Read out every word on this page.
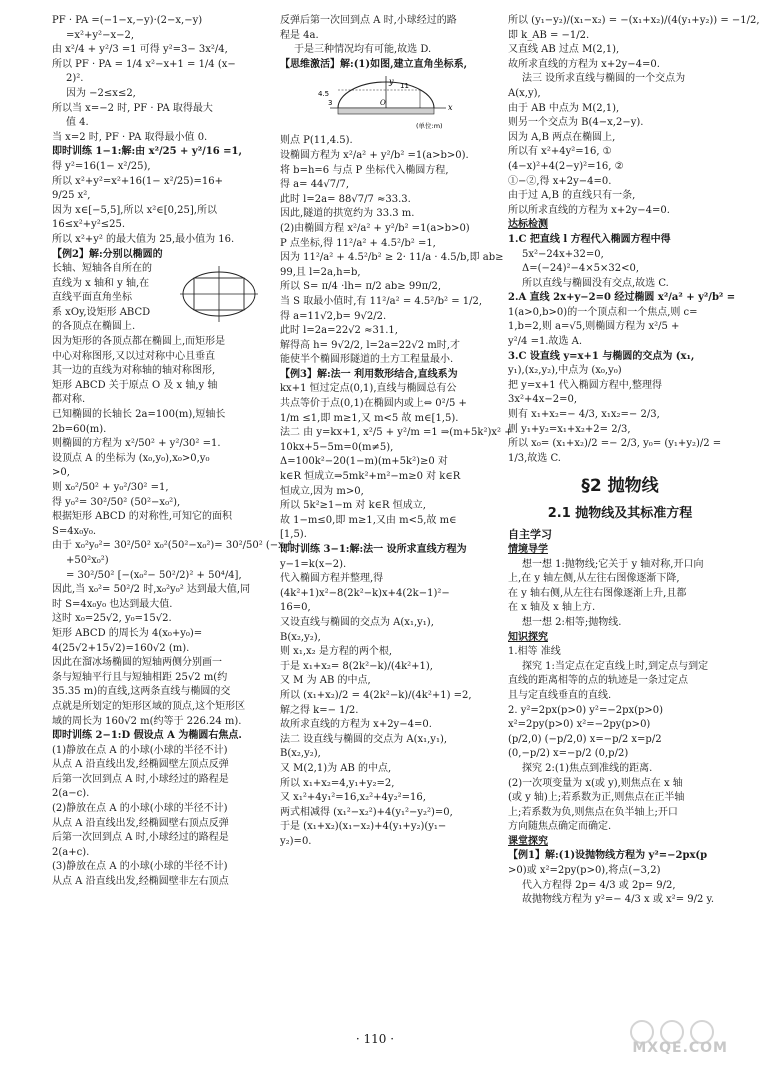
PF · PA =(−1−x,−y)·(2−x,−y)
=x²+y²−x−2,
由 x²/4 + y²/3 =1 可得 y²=3− 3x²/4,
所以 PF · PA = 1/4 x²−x+1 = 1/4 (x−
2)².
因为 −2≤x≤2,
所以当 x=−2 时, PF · PA 取得最大
值 4.
当 x=2 时, PF · PA 取得最小值 0.
即时训练 1−1:解:由 x²/25 + y²/16 =1,
得 y²=16(1− x²/25),
所以 x²+y²=x²+16(1− x²/25)=16+
9/25 x²,
因为 x∈[−5,5],所以 x²∈[0,25],所以
16≤x²+y²≤25.
所以 x²+y² 的最大值为 25,最小值为 16.
【例2】解:分别以椭圆的
长轴、短轴各自所在的
直线为 x 轴和 y 轴,在
直线平面直角坐标
系 xOy,设矩形 ABCD
的各顶点在椭圆上.
因为矩形的各顶点都在椭圆上,而矩形是
中心对称图形,又以过对称中心且垂直
其一边的直线为对称轴的轴对称图形,
矩形 ABCD 关于原点 O 及 x 轴,y 轴
都对称.
已知椭圆的长轴长 2a=100(m),短轴长
2b=60(m).
则椭圆的方程为 x²/50² + y²/30² =1.
设顶点 A 的坐标为 (x₀,y₀),x₀>0,y₀
>0,
则 x₀²/50² + y₀²/30² =1,
得 y₀²= 30²/50² (50²−x₀²),
根据矩形 ABCD 的对称性,可知它的面积
S=4x₀y₀.
由于 x₀²y₀²= 30²/50² x₀²(50²−x₀²)= 30²/50² (−x₀⁴
+50²x₀²)
= 30²/50² [−(x₀²− 50²/2)² + 50⁴/4],
因此,当 x₀²= 50²/2 时,x₀²y₀² 达到最大值,同
时 S=4x₀y₀ 也达到最大值.
这时 x₀=25√2, y₀=15√2.
矩形 ABCD 的周长为 4(x₀+y₀)=
4(25√2+15√2)=160√2 (m).
因此在溜冰场椭圆的短轴两侧分别画一
条与短轴平行且与短轴相距 25√2 m(约
35.35 m)的直线,这两条直线与椭圆的交
点就是所划定的矩形区域的顶点,这个矩形区
域的周长为 160√2 m(约等于 226.24 m).
即时训练 2−1:D 假设点 A 为椭圆右焦点.
(1)静放在点 A 的小球(小球的半径不计)
从点 A 沿直线出发,经椭圆壁左顶点反弹
后第一次回到点 A 时,小球经过的路程是
2(a−c).
(2)静放在点 A 的小球(小球的半径不计)
从点 A 沿直线出发,经椭圆壁右顶点反弹
后第一次回到点 A 时,小球经过的路程是
2(a+c).
(3)静放在点 A 的小球(小球的半径不计)
从点 A 沿直线出发,经椭圆壁非左右顶点
反弹后第一次回到点 A 时,小球经过的路
程是 4a.
于是三种情况均有可能,故选 D.
【思维激活】解:(1)如图,建立直角坐标系,
y
x
O
4.5
3
11
(单位:m)
则点 P(11,4.5).
设椭圆方程为 x²/a² + y²/b² =1(a>b>0).
将 b=h=6 与点 P 坐标代入椭圆方程,
得 a= 44√7/7,
此时 l=2a= 88√7/7 ≈33.3.
因此,隧道的拱宽约为 33.3 m.
(2)由椭圆方程 x²/a² + y²/b² =1(a>b>0)
P 点坐标,得 11²/a² + 4.5²/b² =1,
因为 11²/a² + 4.5²/b² ≥ 2· 11/a · 4.5/b,即 ab≥
99,且 l=2a,h=b,
所以 S= π/4 ·lh= π/2 ab≥ 99π/2,
当 S 取最小值时,有 11²/a² = 4.5²/b² = 1/2,
得 a=11√2,b= 9√2/2.
此时 l=2a=22√2 ≈31.1,
解得高 h= 9√2/2, l=2a=22√2 m时,才
能使半个椭圆形隧道的土方工程量最小.
【例3】解:法一 利用数形结合,直线系为
kx+1 恒过定点(0,1),直线与椭圆总有公
共点等价于点(0,1)在椭圆内或上⇔ 0²/5 +
1/m ≤1,即 m≥1,又 m<5 故 m∈[1,5).
法二 由 y=kx+1, x²/5 + y²/m =1 ⇒(m+5k²)x² +
10kx+5−5m=0(m≠5),
Δ=100k²−20(1−m)(m+5k²)≥0 对
k∈R 恒成立⇒5mk²+m²−m≥0 对 k∈R
恒成立,因为 m>0,
所以 5k²≥1−m 对 k∈R 恒成立,
故 1−m≤0,即 m≥1,又由 m<5,故 m∈
[1,5).
即时训练 3−1:解:法一 设所求直线方程为
y−1=k(x−2).
代入椭圆方程并整理,得
(4k²+1)x²−8(2k²−k)x+4(2k−1)²−
16=0,
又设直线与椭圆的交点为 A(x₁,y₁),
B(x₂,y₂),
则 x₁,x₂ 是方程的两个根,
于是 x₁+x₂= 8(2k²−k)/(4k²+1),
又 M 为 AB 的中点,
所以 (x₁+x₂)/2 = 4(2k²−k)/(4k²+1) =2,
解之得 k=− 1/2.
故所求直线的方程为 x+2y−4=0.
法二 设直线与椭圆的交点为 A(x₁,y₁),
B(x₂,y₂),
又 M(2,1)为 AB 的中点,
所以 x₁+x₂=4,y₁+y₂=2,
又 x₁²+4y₁²=16,x₂²+4y₂²=16,
两式相减得 (x₁²−x₂²)+4(y₁²−y₂²)=0,
于是 (x₁+x₂)(x₁−x₂)+4(y₁+y₂)(y₁−
y₂)=0.
所以 (y₁−y₂)/(x₁−x₂) = −(x₁+x₂)/(4(y₁+y₂)) = −1/2,
即 k_AB = −1/2.
又直线 AB 过点 M(2,1),
故所求直线的方程为 x+2y−4=0.
法三 设所求直线与椭圆的一个交点为
A(x,y),
由于 AB 中点为 M(2,1),
则另一个交点为 B(4−x,2−y).
因为 A,B 两点在椭圆上,
所以有 x²+4y²=16, ①
(4−x)²+4(2−y)²=16, ②
①−②,得 x+2y−4=0.
由于过 A,B 的直线只有一条,
所以所求直线的方程为 x+2y−4=0.
达标检测
1.C 把直线 l 方程代入椭圆方程中得
5x²−24x+32=0,
Δ=(−24)²−4×5×32<0,
所以直线与椭圆没有交点,故选 C.
2.A 直线 2x+y−2=0 经过椭圆 x²/a² + y²/b² =
1(a>0,b>0)的一个顶点和一个焦点,则 c=
1,b=2,则 a=√5,则椭圆方程为 x²/5 +
y²/4 =1.故选 A.
3.C 设直线 y=x+1 与椭圆的交点为 (x₁,
y₁),(x₂,y₂),中点为 (x₀,y₀)
把 y=x+1 代入椭圆方程中,整理得
3x²+4x−2=0,
则有 x₁+x₂=− 4/3, x₁x₂=− 2/3,
则 y₁+y₂=x₁+x₂+2= 2/3,
所以 x₀= (x₁+x₂)/2 =− 2/3, y₀= (y₁+y₂)/2 =
1/3,故选 C.
§2 抛物线
2.1 抛物线及其标准方程
自主学习
情境导学
想一想 1:抛物线;它关于 y 轴对称,开口向
上,在 y 轴左侧,从左往右图像逐渐下降,
在 y 轴右侧,从左往右图像逐渐上升,且都
在 x 轴及 x 轴上方.
想一想 2:相等;抛物线.
知识探究
1.相等 准线
探究 1:当定点在定直线上时,到定点与到定
直线的距离相等的点的轨迹是一条过定点
且与定直线垂直的直线.
2. y²=2px(p>0) y²=−2px(p>0)
x²=2py(p>0) x²=−2py(p>0)
(p/2,0) (−p/2,0) x=−p/2 x=p/2
(0,−p/2) x=−p/2 (0,p/2)
探究 2:(1)焦点到准线的距离.
(2)一次项变量为 x(或 y),则焦点在 x 轴
(或 y 轴)上;若系数为正,则焦点在正半轴
上;若系数为负,则焦点在负半轴上;开口
方向随焦点确定而确定.
课堂探究
【例1】解:(1)设抛物线方程为 y²=−2px(p
>0)或 x²=2py(p>0),将点(−3,2)
代入方程得 2p= 4/3 或 2p= 9/2,
故抛物线方程为 y²=− 4/3 x 或 x²= 9/2 y.
· 110 ·
MXQE.COM
